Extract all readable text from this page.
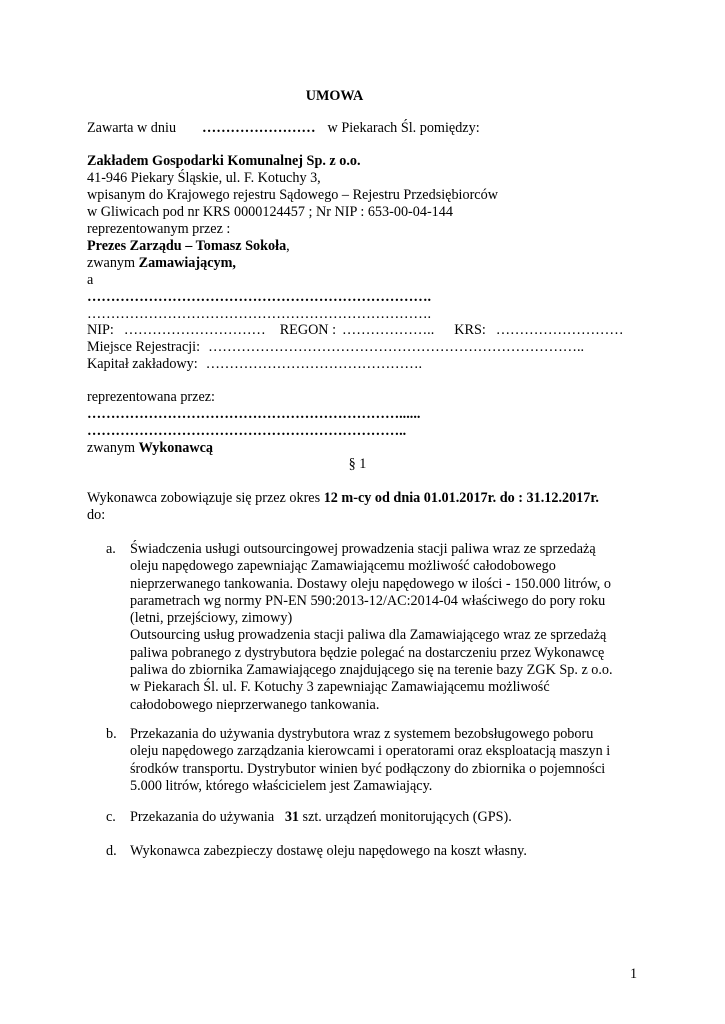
UMOWA
Zawarta w dniu …………………… w Piekarach Śl. pomiędzy:
Zakładem Gospodarki Komunalnej Sp. z o.o.
41-946 Piekary Śląskie, ul. F. Kotuchy 3,
wpisanym do Krajowego rejestru Sądowego – Rejestru Przedsiębiorców
w Gliwicach pod nr KRS 0000124457 ; Nr NIP : 653-00-04-144
reprezentowanym przez :
Prezes Zarządu – Tomasz Sokoła,
zwanym Zamawiającym,
a
……………………………………………………………….
……………………………………………………………….
NIP: ………………………… REGON : ……………….. KRS: ………………………
Miejsce Rejestracji: ……………………………………………………………………..
Kapitał zakładowy: ……………………………………….
reprezentowana przez:
…………………………………………………………......
…………………………………………………………..
zwanym Wykonawcą
§ 1
Wykonawca zobowiązuje się przez okres 12 m-cy od dnia 01.01.2017r. do : 31.12.2017r.
do:
a. Świadczenia usługi outsourcingowej prowadzenia stacji paliwa wraz ze sprzedażą
oleju napędowego zapewniając Zamawiającemu możliwość całodobowego
nieprzerwanego tankowania. Dostawy oleju napędowego w ilości - 150.000 litrów, o
parametrach wg normy PN-EN 590:2013-12/AC:2014-04 właściwego do pory roku
(letni, przejściowy, zimowy)
Outsourcing usług prowadzenia stacji paliwa dla Zamawiającego wraz ze sprzedażą
paliwa pobranego z dystrybutora będzie polegać na dostarczeniu przez Wykonawcę
paliwa do zbiornika Zamawiającego znajdującego się na terenie bazy ZGK Sp. z o.o.
w Piekarach Śl. ul. F. Kotuchy 3 zapewniając Zamawiającemu możliwość
całodobowego nieprzerwanego tankowania.
b. Przekazania do używania dystrybutora wraz z systemem bezobsługowego poboru
oleju napędowego zarządzania kierowcami i operatorami oraz eksploatacją maszyn i
środków transportu. Dystrybutor winien być podłączony do zbiornika o pojemności
5.000 litrów, którego właścicielem jest Zamawiający.
c. Przekazania do używania   31 szt. urządzeń monitorujących (GPS).
d. Wykonawca zabezpieczy dostawę oleju napędowego na koszt własny.
1
